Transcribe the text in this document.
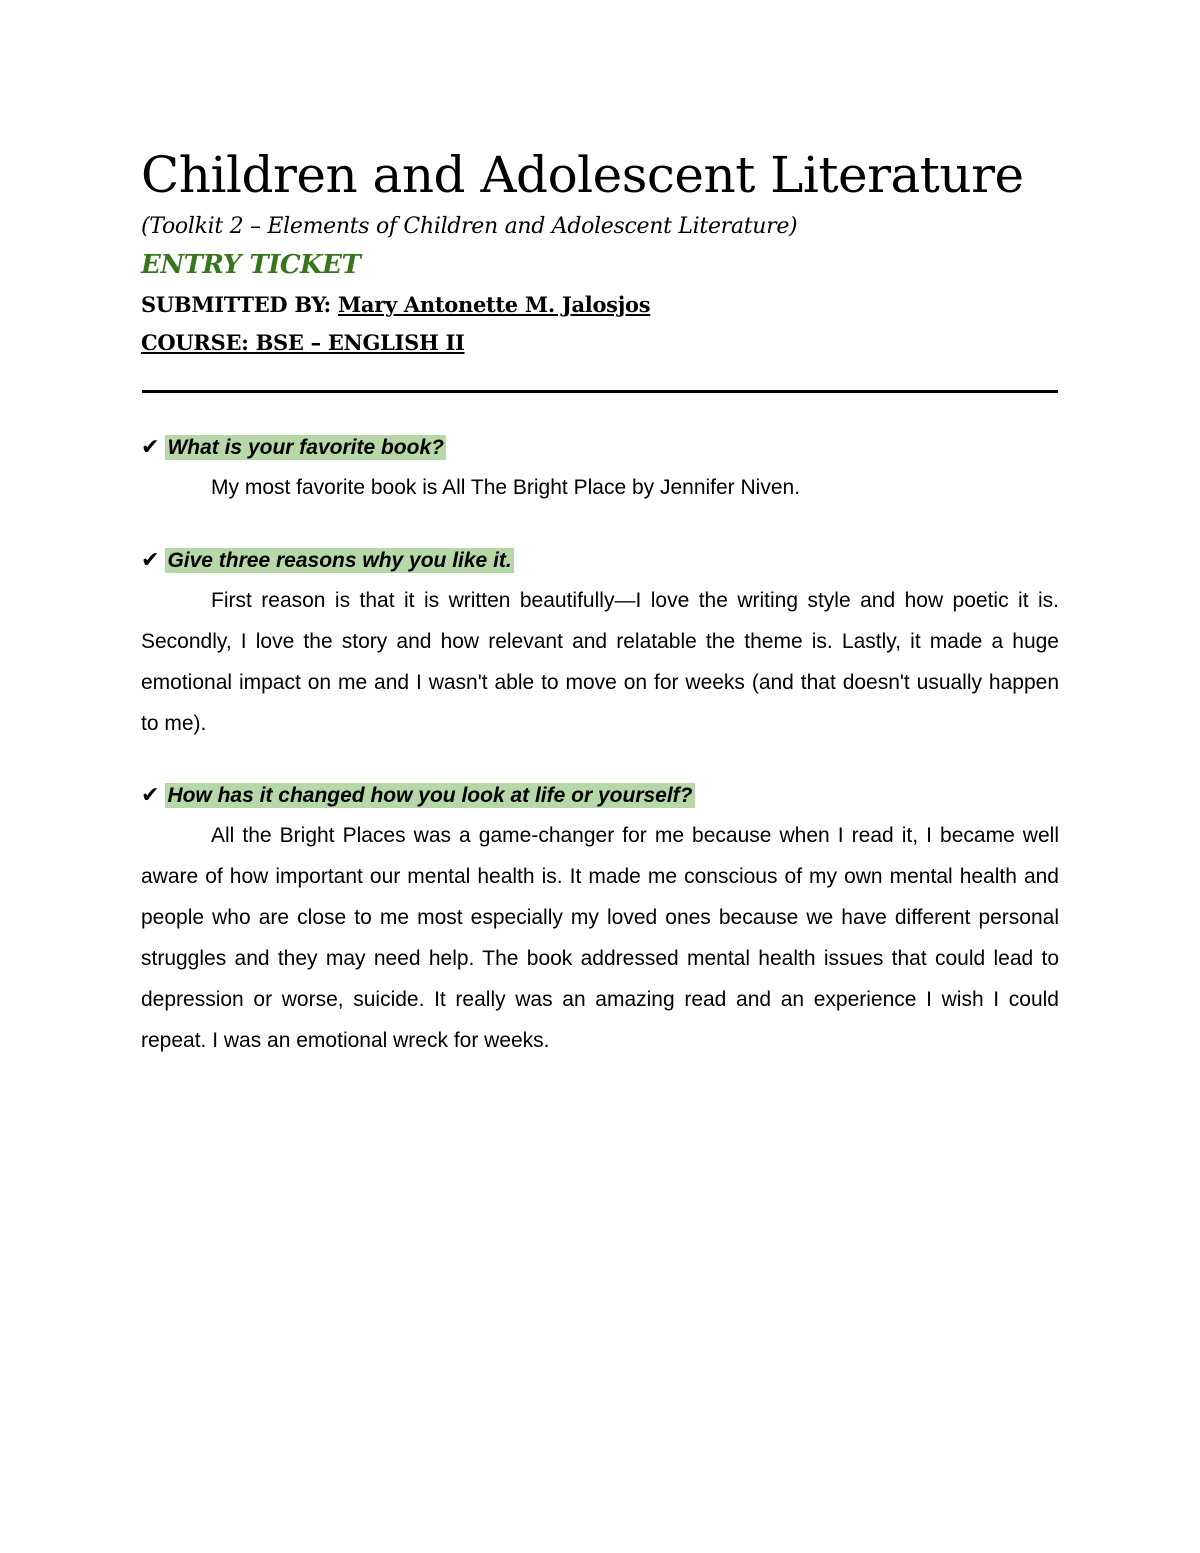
Children and Adolescent Literature
(Toolkit 2 – Elements of Children and Adolescent Literature)
ENTRY TICKET
SUBMITTED BY: Mary Antonette M. Jalosjos
COURSE: BSE – ENGLISH II
✔ What is your favorite book?
My most favorite book is All The Bright Place by Jennifer Niven.
✔ Give three reasons why you like it.
First reason is that it is written beautifully—I love the writing style and how poetic it is. Secondly, I love the story and how relevant and relatable the theme is. Lastly, it made a huge emotional impact on me and I wasn't able to move on for weeks (and that doesn't usually happen to me).
✔ How has it changed how you look at life or yourself?
All the Bright Places was a game-changer for me because when I read it, I became well aware of how important our mental health is. It made me conscious of my own mental health and people who are close to me most especially my loved ones because we have different personal struggles and they may need help. The book addressed mental health issues that could lead to depression or worse, suicide. It really was an amazing read and an experience I wish I could repeat. I was an emotional wreck for weeks.
